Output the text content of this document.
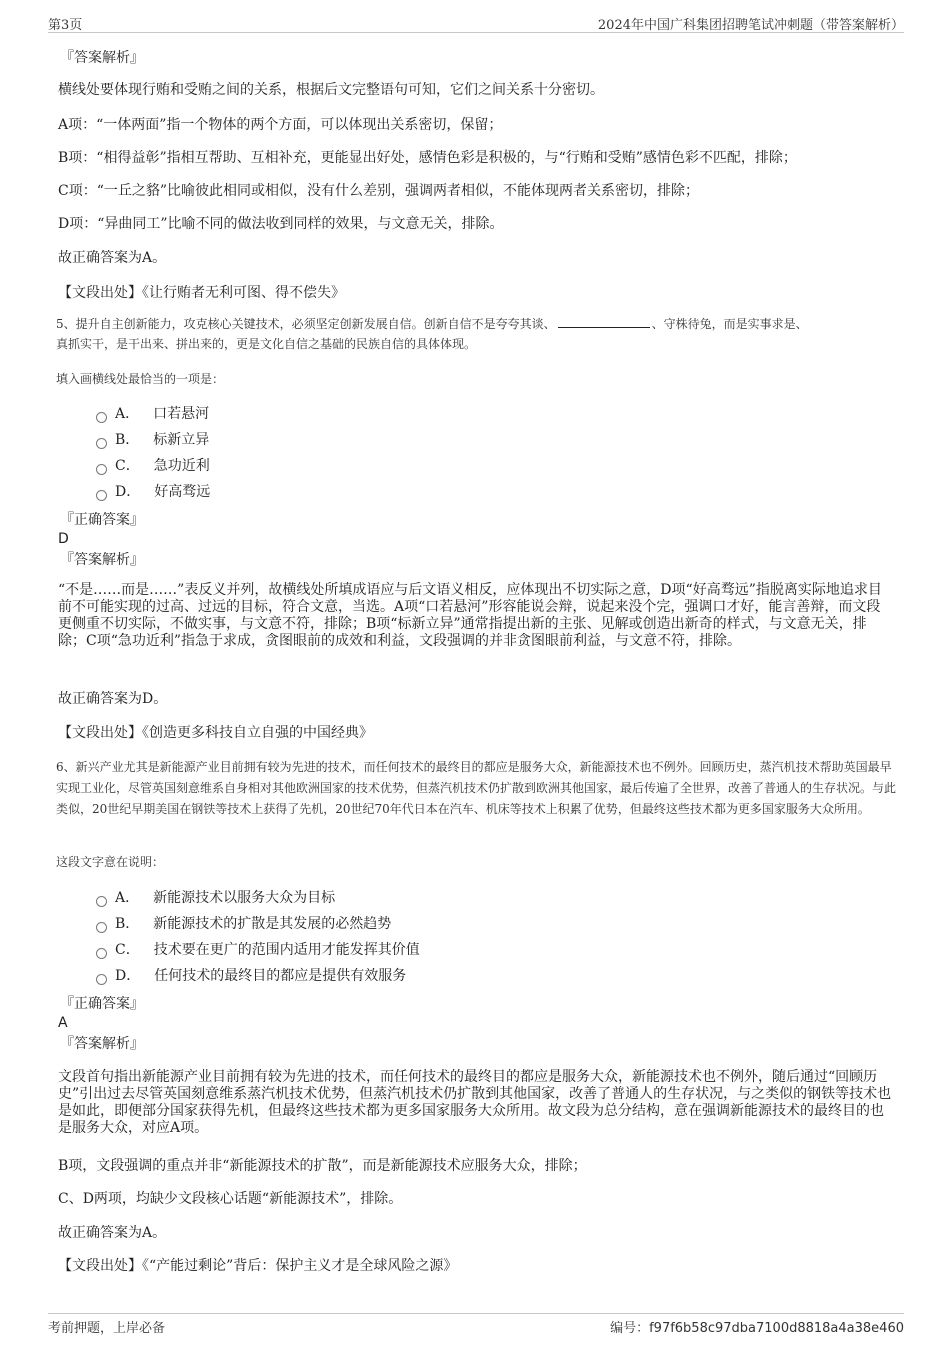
第3页	2024年中国广科集团招聘笔试冲刺题（带答案解析）
『答案解析』
横线处要体现行贿和受贿之间的关系，根据后文完整语句可知，它们之间关系十分密切。
A项：“一体两面”指一个物体的两个方面，可以体现出关系密切，保留；
B项：“相得益彰”指相互帮助、互相补充，更能显出好处，感情色彩是积极的，与“行贿和受贿”感情色彩不匹配，排除；
C项：“一丘之貉”比喻彼此相同或相似，没有什么差别，强调两者相似，不能体现两者关系密切，排除；
D项：“异曲同工”比喻不同的做法收到同样的效果，与文意无关，排除。
故正确答案为A。
【文段出处】《让行贿者无利可图、得不偿失》
5、提升自主创新能力，攻克核心关键技术，必须坚定创新发展自信。创新自信不是夸夸其谈、	、守株待兔，而是实事求是、
真抓实干，是干出来、拼出来的，更是文化自信之基础的民族自信的具体体现。
填入画横线处最恰当的一项是：
A． 口若悬河
B． 标新立异
C． 急功近利
D． 好高骛远
『正确答案』
D
『答案解析』
“不是……而是……”表反义并列，故横线处所填成语应与后文语义相反，应体现出不切实际之意，D项“好高骛远”指脱离实际地追求目前不可能实现的过高、过远的目标，符合文意，当选。A项“口若悬河”形容能说会辩，说起来没个完，强调口才好，能言善辩，而文段更侧重不切实际，不做实事，与文意不符，排除；B项“标新立异”通常指提出新的主张、见解或创造出新奇的样式，与文意无关，排除；C项“急功近利”指急于求成，贪图眼前的成效和利益，文段强调的并非贪图眼前利益，与文意不符，排除。
故正确答案为D。
【文段出处】《创造更多科技自立自强的中国经典》
6、新兴产业尤其是新能源产业目前拥有较为先进的技术，而任何技术的最终目的都应是服务大众，新能源技术也不例外。回顾历史，蒸汽机技术帮助英国最早实现工业化，尽管英国刻意维系自身相对其他欧洲国家的技术优势，但蒸汽机技术仍扩散到欧洲其他国家，最后传遍了全世界，改善了普通人的生存状况。与此类似，20世纪早期美国在钢铁等技术上获得了先机，20世纪70年代日本在汽车、机床等技术上积累了优势，但最终这些技术都为更多国家服务大众所用。
这段文字意在说明：
A． 新能源技术以服务大众为目标
B． 新能源技术的扩散是其发展的必然趋势
C． 技术要在更广的范围内适用才能发挥其价值
D． 任何技术的最终目的都应是提供有效服务
『正确答案』
A
『答案解析』
文段首句指出新能源产业目前拥有较为先进的技术，而任何技术的最终目的都应是服务大众，新能源技术也不例外，随后通过“回顾历史”引出过去尽管英国刻意维系蒸汽机技术优势，但蒸汽机技术仍扩散到其他国家，改善了普通人的生存状况，与之类似的钢铁等技术也是如此，即便部分国家获得先机，但最终这些技术都为更多国家服务大众所用。故文段为总分结构，意在强调新能源技术的最终目的也是服务大众，对应A项。
B项，文段强调的重点并非“新能源技术的扩散”，而是新能源技术应服务大众，排除；
C、D两项，均缺少文段核心话题“新能源技术”，排除。
故正确答案为A。
【文段出处】《“产能过剩论”背后：保护主义才是全球风险之源》
考前押题，上岸必备	编号：f97f6b58c97dba7100d8818a4a38e460
